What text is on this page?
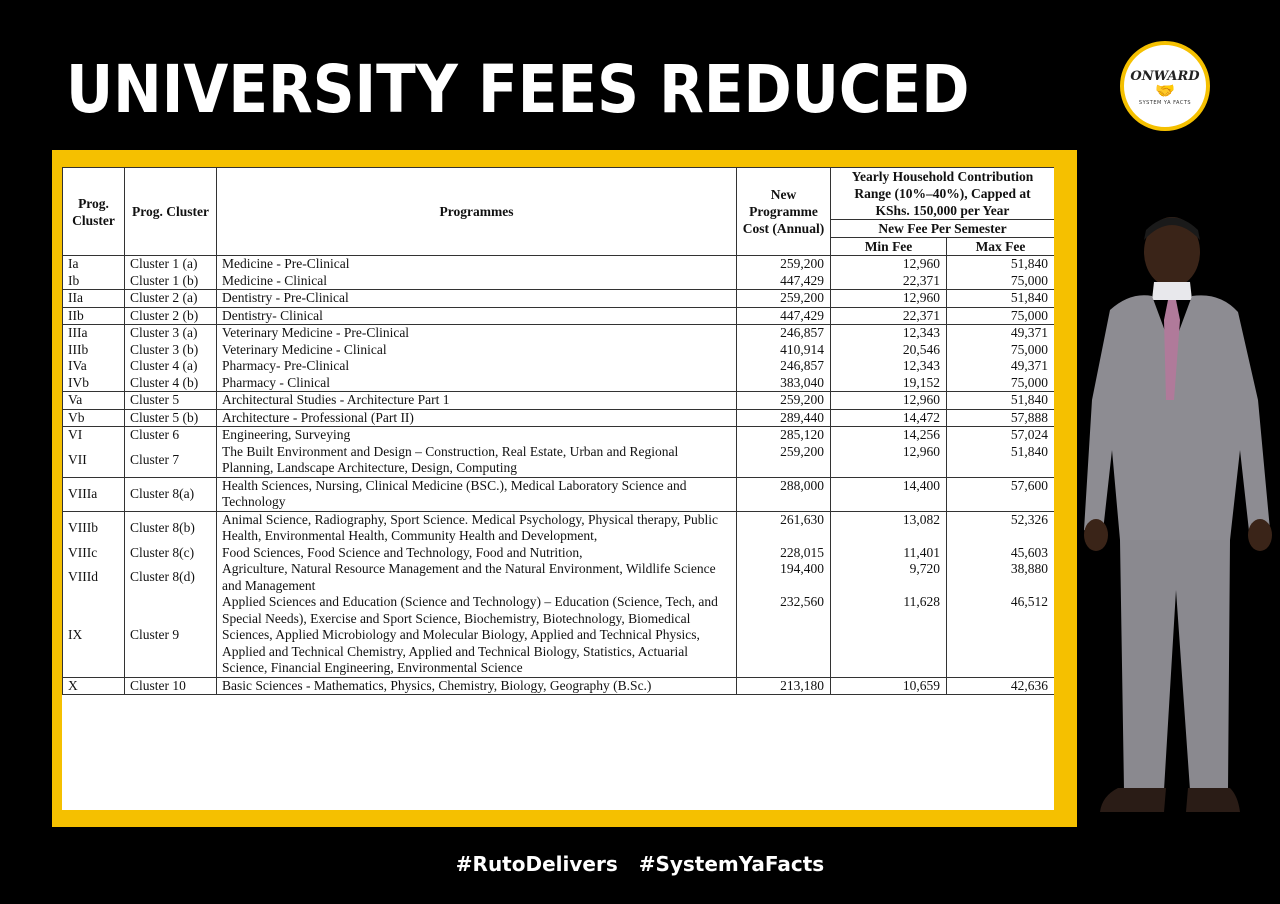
UNIVERSITY FEES REDUCED	ONWARD
🤝
SYSTEM YA FACTS
Prog. Cluster	Prog. Cluster	Programmes	New Programme Cost (Annual)	Yearly Household Contribution Range (10%–40%), Capped at KShs. 150,000 per Year	
				New Fee Per Semester	
				Min Fee	Max Fee
Ia	Cluster 1 (a)	Medicine - Pre-Clinical	259,200	12,960	51,840
Ib	Cluster 1 (b)	Medicine - Clinical	447,429	22,371	75,000
IIa	Cluster 2 (a)	Dentistry - Pre-Clinical	259,200	12,960	51,840
IIb	Cluster 2 (b)	Dentistry- Clinical	447,429	22,371	75,000
IIIa	Cluster 3 (a)	Veterinary Medicine - Pre-Clinical	246,857	12,343	49,371
IIIb	Cluster 3 (b)	Veterinary Medicine - Clinical	410,914	20,546	75,000
IVa	Cluster 4 (a)	Pharmacy- Pre-Clinical	246,857	12,343	49,371
IVb	Cluster 4 (b)	Pharmacy - Clinical	383,040	19,152	75,000
Va	Cluster 5	Architectural Studies - Architecture Part 1	259,200	12,960	51,840
Vb	Cluster 5 (b)	Architecture - Professional (Part II)	289,440	14,472	57,888
VI	Cluster 6	Engineering, Surveying	285,120	14,256	57,024
VII	Cluster 7	The Built Environment and Design – Construction, Real Estate, Urban and Regional Planning, Landscape Architecture, Design, Computing	259,200	12,960	51,840
VIIIa	Cluster 8(a)	Health Sciences, Nursing, Clinical Medicine (BSC.), Medical Laboratory Science and Technology	288,000	14,400	57,600
VIIIb	Cluster 8(b)	Animal Science, Radiography, Sport Science. Medical Psychology, Physical therapy, Public Health, Environmental Health, Community Health and Development,	261,630	13,082	52,326
VIIIc	Cluster 8(c)	Food Sciences, Food Science and Technology, Food and Nutrition,	228,015	11,401	45,603
VIIId	Cluster 8(d)	Agriculture, Natural Resource Management and the Natural Environment, Wildlife Science and Management	194,400	9,720	38,880
IX	Cluster 9	Applied Sciences and Education (Science and Technology) – Education (Science, Tech, and Special Needs), Exercise and Sport Science, Biochemistry, Biotechnology, Biomedical Sciences, Applied Microbiology and Molecular Biology, Applied and Technical Physics, Applied and Technical Chemistry, Applied and Technical Biology, Statistics, Actuarial Science, Financial Engineering, Environmental Science	232,560	11,628	46,512
X	Cluster 10	Basic Sciences - Mathematics, Physics, Chemistry, Biology, Geography (B.Sc.)	213,180	10,659	42,636
#RutoDelivers #SystemYaFacts
